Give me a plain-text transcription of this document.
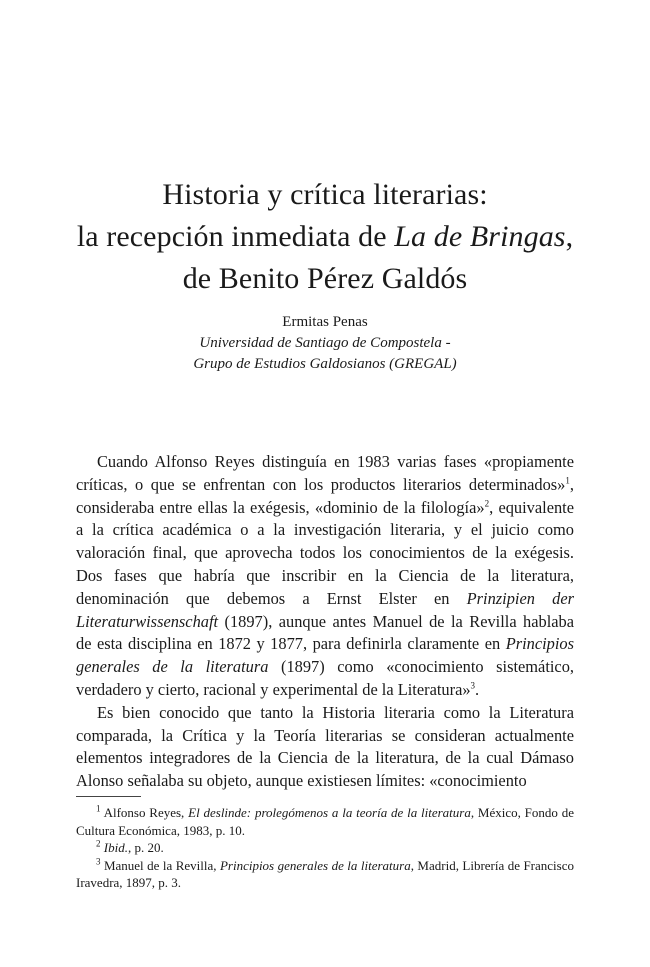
Historia y crítica literarias:
la recepción inmediata de La de Bringas,
de Benito Pérez Galdós
Ermitas Penas
Universidad de Santiago de Compostela -
Grupo de Estudios Galdosianos (GREGAL)

Cuando Alfonso Reyes distinguía en 1983 varias fases «propiamente críticas, o que se enfrentan con los productos literarios determinados»$^1$, consideraba entre ellas la exégesis, «dominio de la filología»$^2$, equivalente a la crítica académica o a la investigación literaria, y el juicio como valoración final, que aprovecha todos los conocimientos de la exégesis. Dos fases que habría que inscribir en la Ciencia de la literatura, denominación que debemos a Ernst Elster en Prinzipien der Literaturwissenschaft (1897), aunque antes Manuel de la Revilla hablaba de esta disciplina en 1872 y 1877, para definirla claramente en Principios generales de la literatura (1897) como «conocimiento sistemático, verdadero y cierto, racional y experimental de la Literatura»$^3$.

Es bien conocido que tanto la Historia literaria como la Literatura comparada, la Crítica y la Teoría literarias se consideran actualmente elementos integradores de la Ciencia de la literatura, de la cual Dámaso Alonso señalaba su objeto, aunque existiesen límites: «conocimiento

$^1$ Alfonso Reyes, El deslinde: prolegómenos a la teoría de la literatura, México, Fondo de Cultura Económica, 1983, p. 10.

$^2$ Ibid., p. 20.

$^3$ Manuel de la Revilla, Principios generales de la literatura, Madrid, Librería de Francisco Iravedra, 1897, p. 3.
